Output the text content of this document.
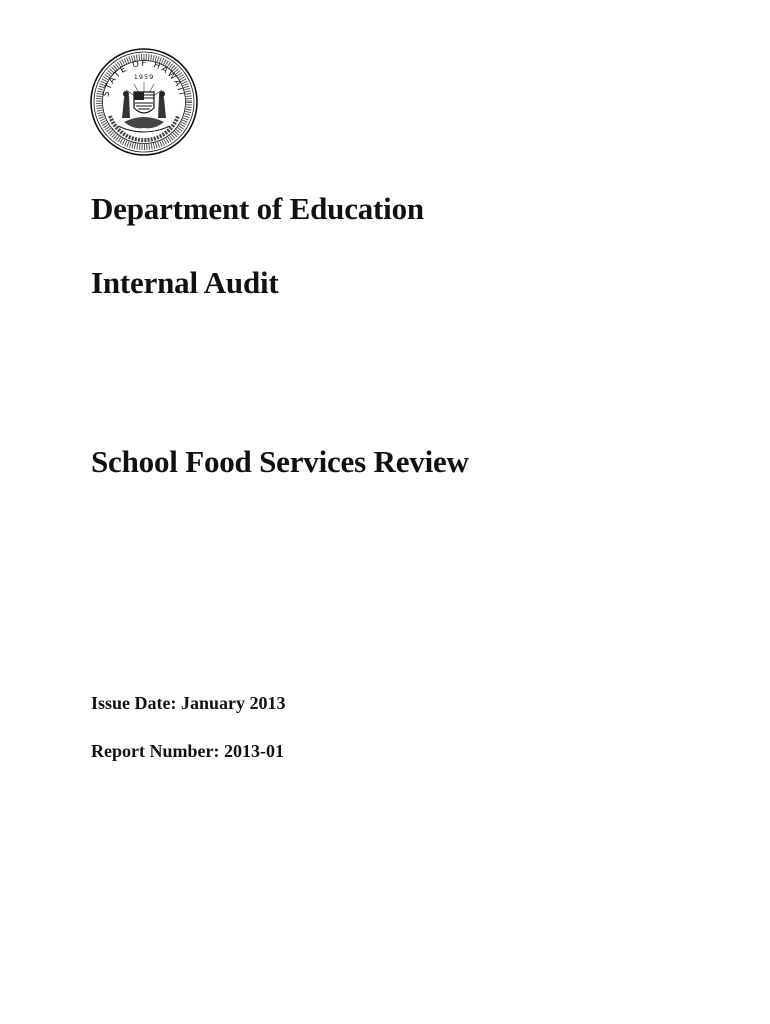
STATE OF HAWAII
1959
Department of Education
Internal Audit
School Food Services Review

Issue Date: January 2013

Report Number: 2013-01
